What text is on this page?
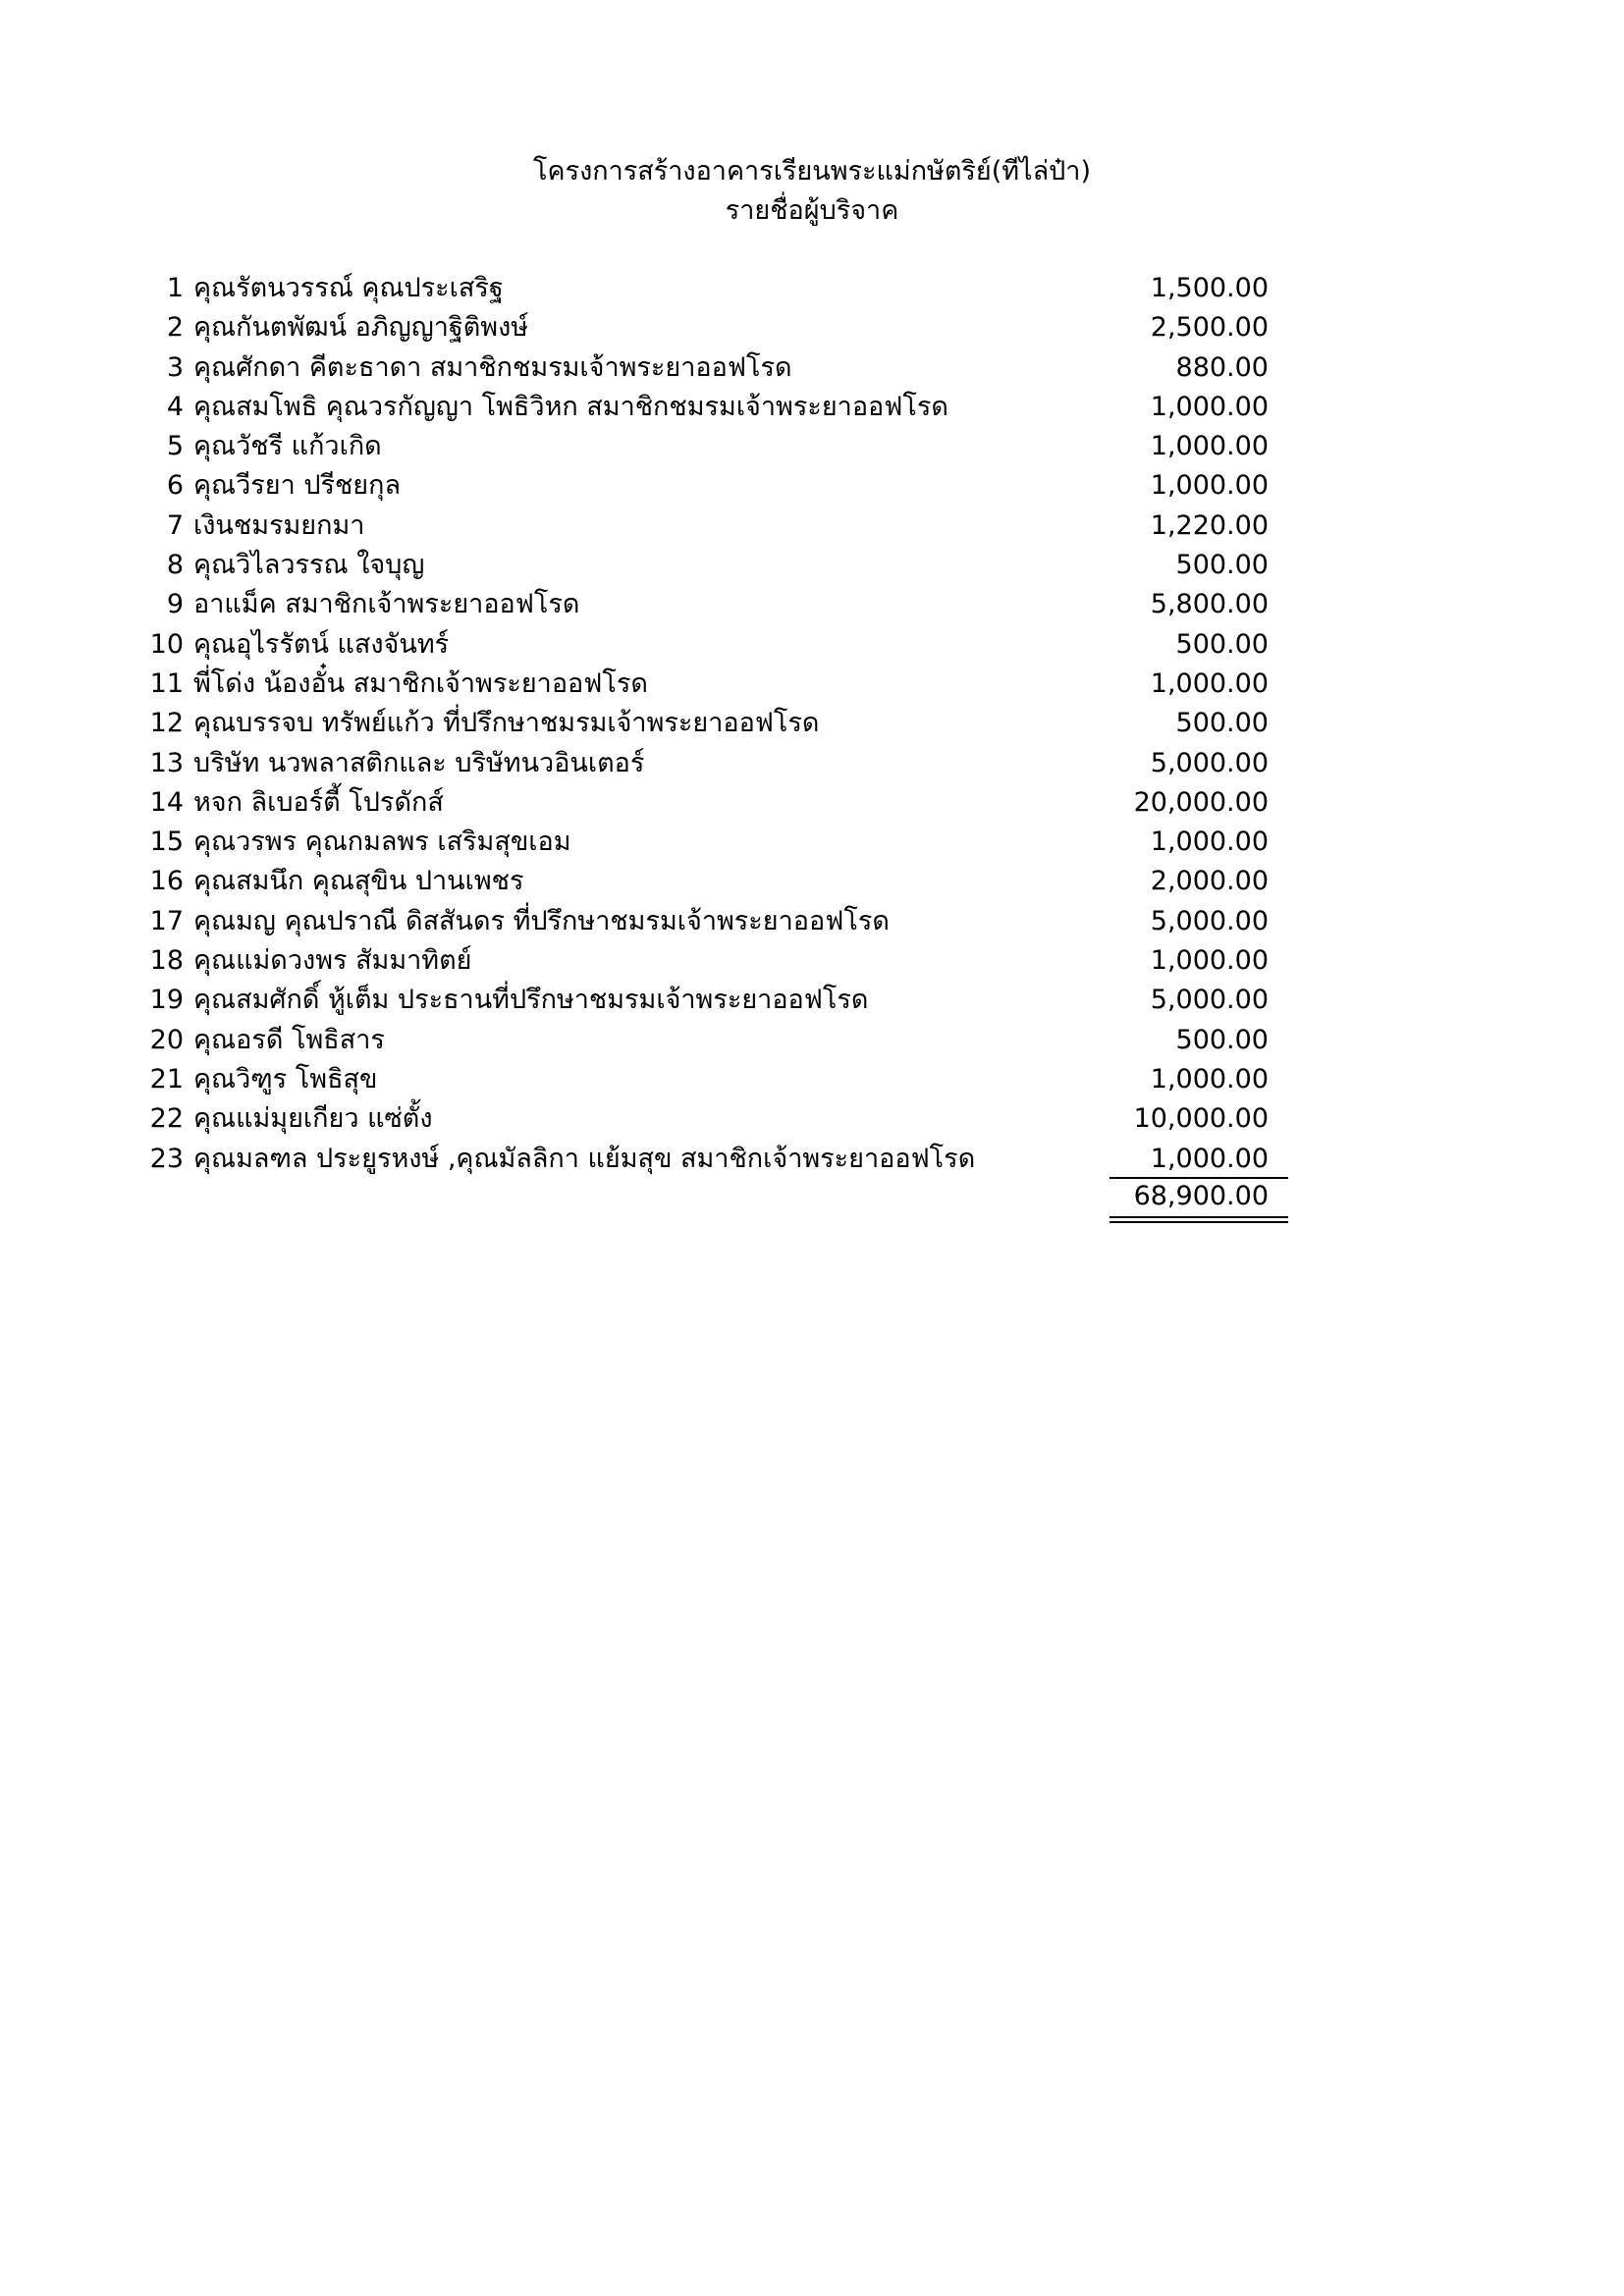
โครงการสร้างอาคารเรียนพระแม่กษัตริย์(ทีไล่ป๋า)
รายชื่อผู้บริจาค
1 คุณรัตนวรรณ์ คุณประเสริฐ	1,500.00
2 คุณกันตพัฒน์ อภิญญาฐิติพงษ์	2,500.00
3 คุณศักดา คีตะธาดา สมาชิกชมรมเจ้าพระยาออฟโรด	880.00
4 คุณสมโพธิ คุณวรกัญญา โพธิวิหก สมาชิกชมรมเจ้าพระยาออฟโรด	1,000.00
5 คุณวัชรี แก้วเกิด	1,000.00
6 คุณวีรยา ปรีชยกุล	1,000.00
7 เงินชมรมยกมา	1,220.00
8 คุณวิไลวรรณ ใจบุญ	500.00
9 อาแม็ค สมาชิกเจ้าพระยาออฟโรด	5,800.00
10 คุณอุไรรัตน์ แสงจันทร์	500.00
11 พี่โด่ง น้องอั๋น สมาชิกเจ้าพระยาออฟโรด	1,000.00
12 คุณบรรจบ ทรัพย์แก้ว ที่ปรึกษาชมรมเจ้าพระยาออฟโรด	500.00
13 บริษัท นวพลาสติกและ บริษัทนวอินเตอร์	5,000.00
14 หจก ลิเบอร์ตี้ โปรดักส์	20,000.00
15 คุณวรพร คุณกมลพร เสริมสุขเอม	1,000.00
16 คุณสมนึก คุณสุขิน ปานเพชร	2,000.00
17 คุณมญ คุณปราณี ดิสสันดร ที่ปรึกษาชมรมเจ้าพระยาออฟโรด	5,000.00
18 คุณแม่ดวงพร สัมมาทิตย์	1,000.00
19 คุณสมศักดิ์ หู้เต็ม ประธานที่ปรึกษาชมรมเจ้าพระยาออฟโรด	5,000.00
20 คุณอรดี โพธิสาร	500.00
21 คุณวิฑูร โพธิสุข	1,000.00
22 คุณแม่มุยเกียว แซ่ตั้ง	10,000.00
23 คุณมลฑล ประยูรหงษ์ ,คุณมัลลิกา แย้มสุข สมาชิกเจ้าพระยาออฟโรด	1,000.00
68,900.00
